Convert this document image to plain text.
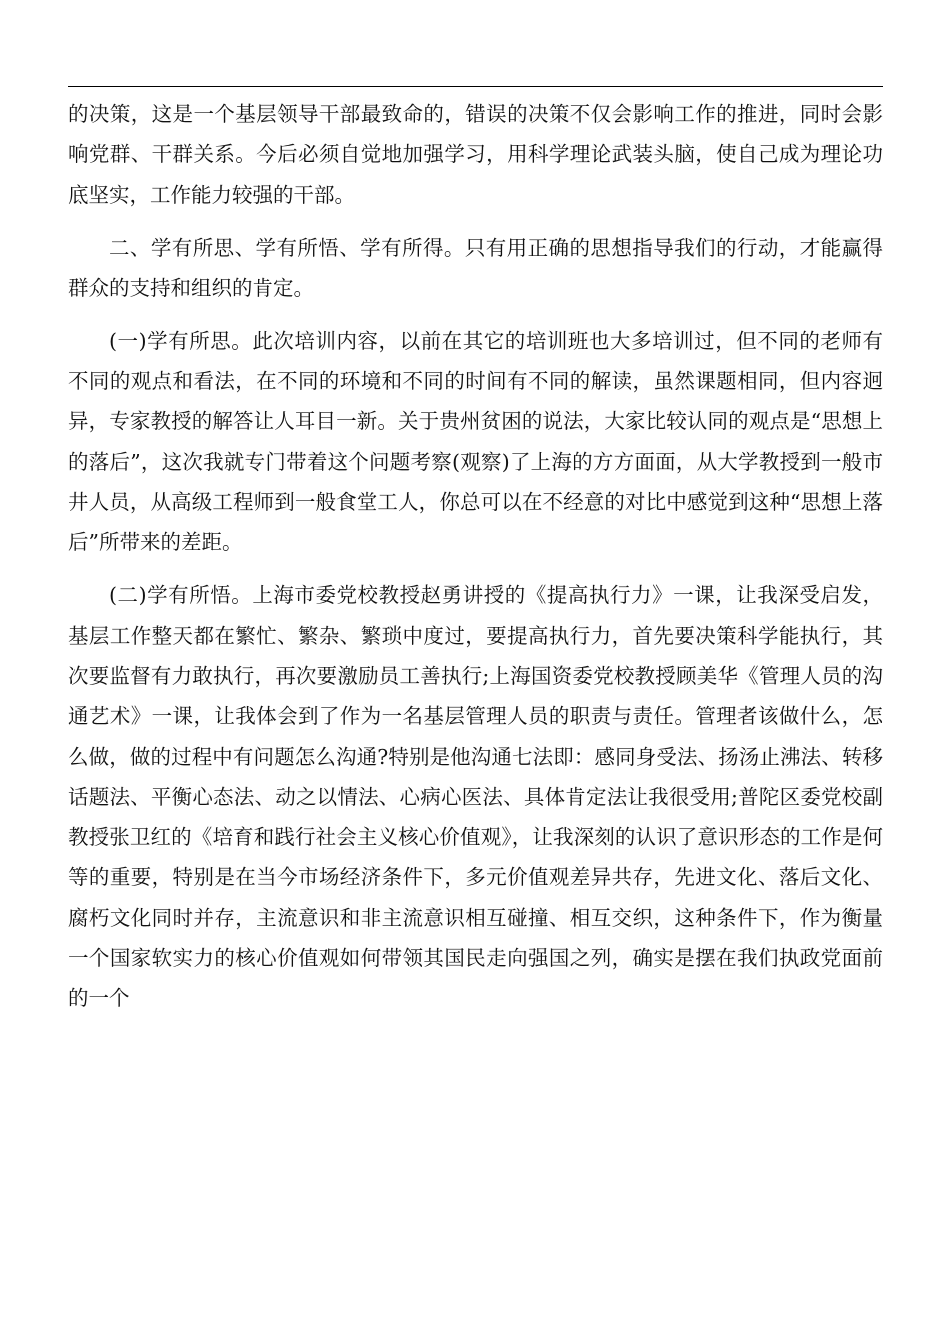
的决策，这是一个基层领导干部最致命的，错误的决策不仅会影响工作的推进，同时会影响党群、干群关系。今后必须自觉地加强学习，用科学理论武装头脑，使自己成为理论功底坚实，工作能力较强的干部。

二、学有所思、学有所悟、学有所得。只有用正确的思想指导我们的行动，才能赢得群众的支持和组织的肯定。

(一)学有所思。此次培训内容，以前在其它的培训班也大多培训过，但不同的老师有不同的观点和看法，在不同的环境和不同的时间有不同的解读，虽然课题相同，但内容迥异，专家教授的解答让人耳目一新。关于贵州贫困的说法，大家比较认同的观点是“思想上的落后”，这次我就专门带着这个问题考察(观察)了上海的方方面面，从大学教授到一般市井人员，从高级工程师到一般食堂工人，你总可以在不经意的对比中感觉到这种“思想上落后”所带来的差距。

(二)学有所悟。上海市委党校教授赵勇讲授的《提高执行力》一课，让我深受启发，基层工作整天都在繁忙、繁杂、繁琐中度过，要提高执行力，首先要决策科学能执行，其次要监督有力敢执行，再次要激励员工善执行;上海国资委党校教授顾美华《管理人员的沟通艺术》一课，让我体会到了作为一名基层管理人员的职责与责任。管理者该做什么，怎么做，做的过程中有问题怎么沟通?特别是他沟通七法即：感同身受法、扬汤止沸法、转移话题法、平衡心态法、动之以情法、心病心医法、具体肯定法让我很受用;普陀区委党校副教授张卫红的《培育和践行社会主义核心价值观》，让我深刻的认识了意识形态的工作是何等的重要，特别是在当今市场经济条件下，多元价值观差异共存，先进文化、落后文化、腐朽文化同时并存，主流意识和非主流意识相互碰撞、相互交织，这种条件下，作为衡量一个国家软实力的核心价值观如何带领其国民走向强国之列，确实是摆在我们执政党面前的一个
